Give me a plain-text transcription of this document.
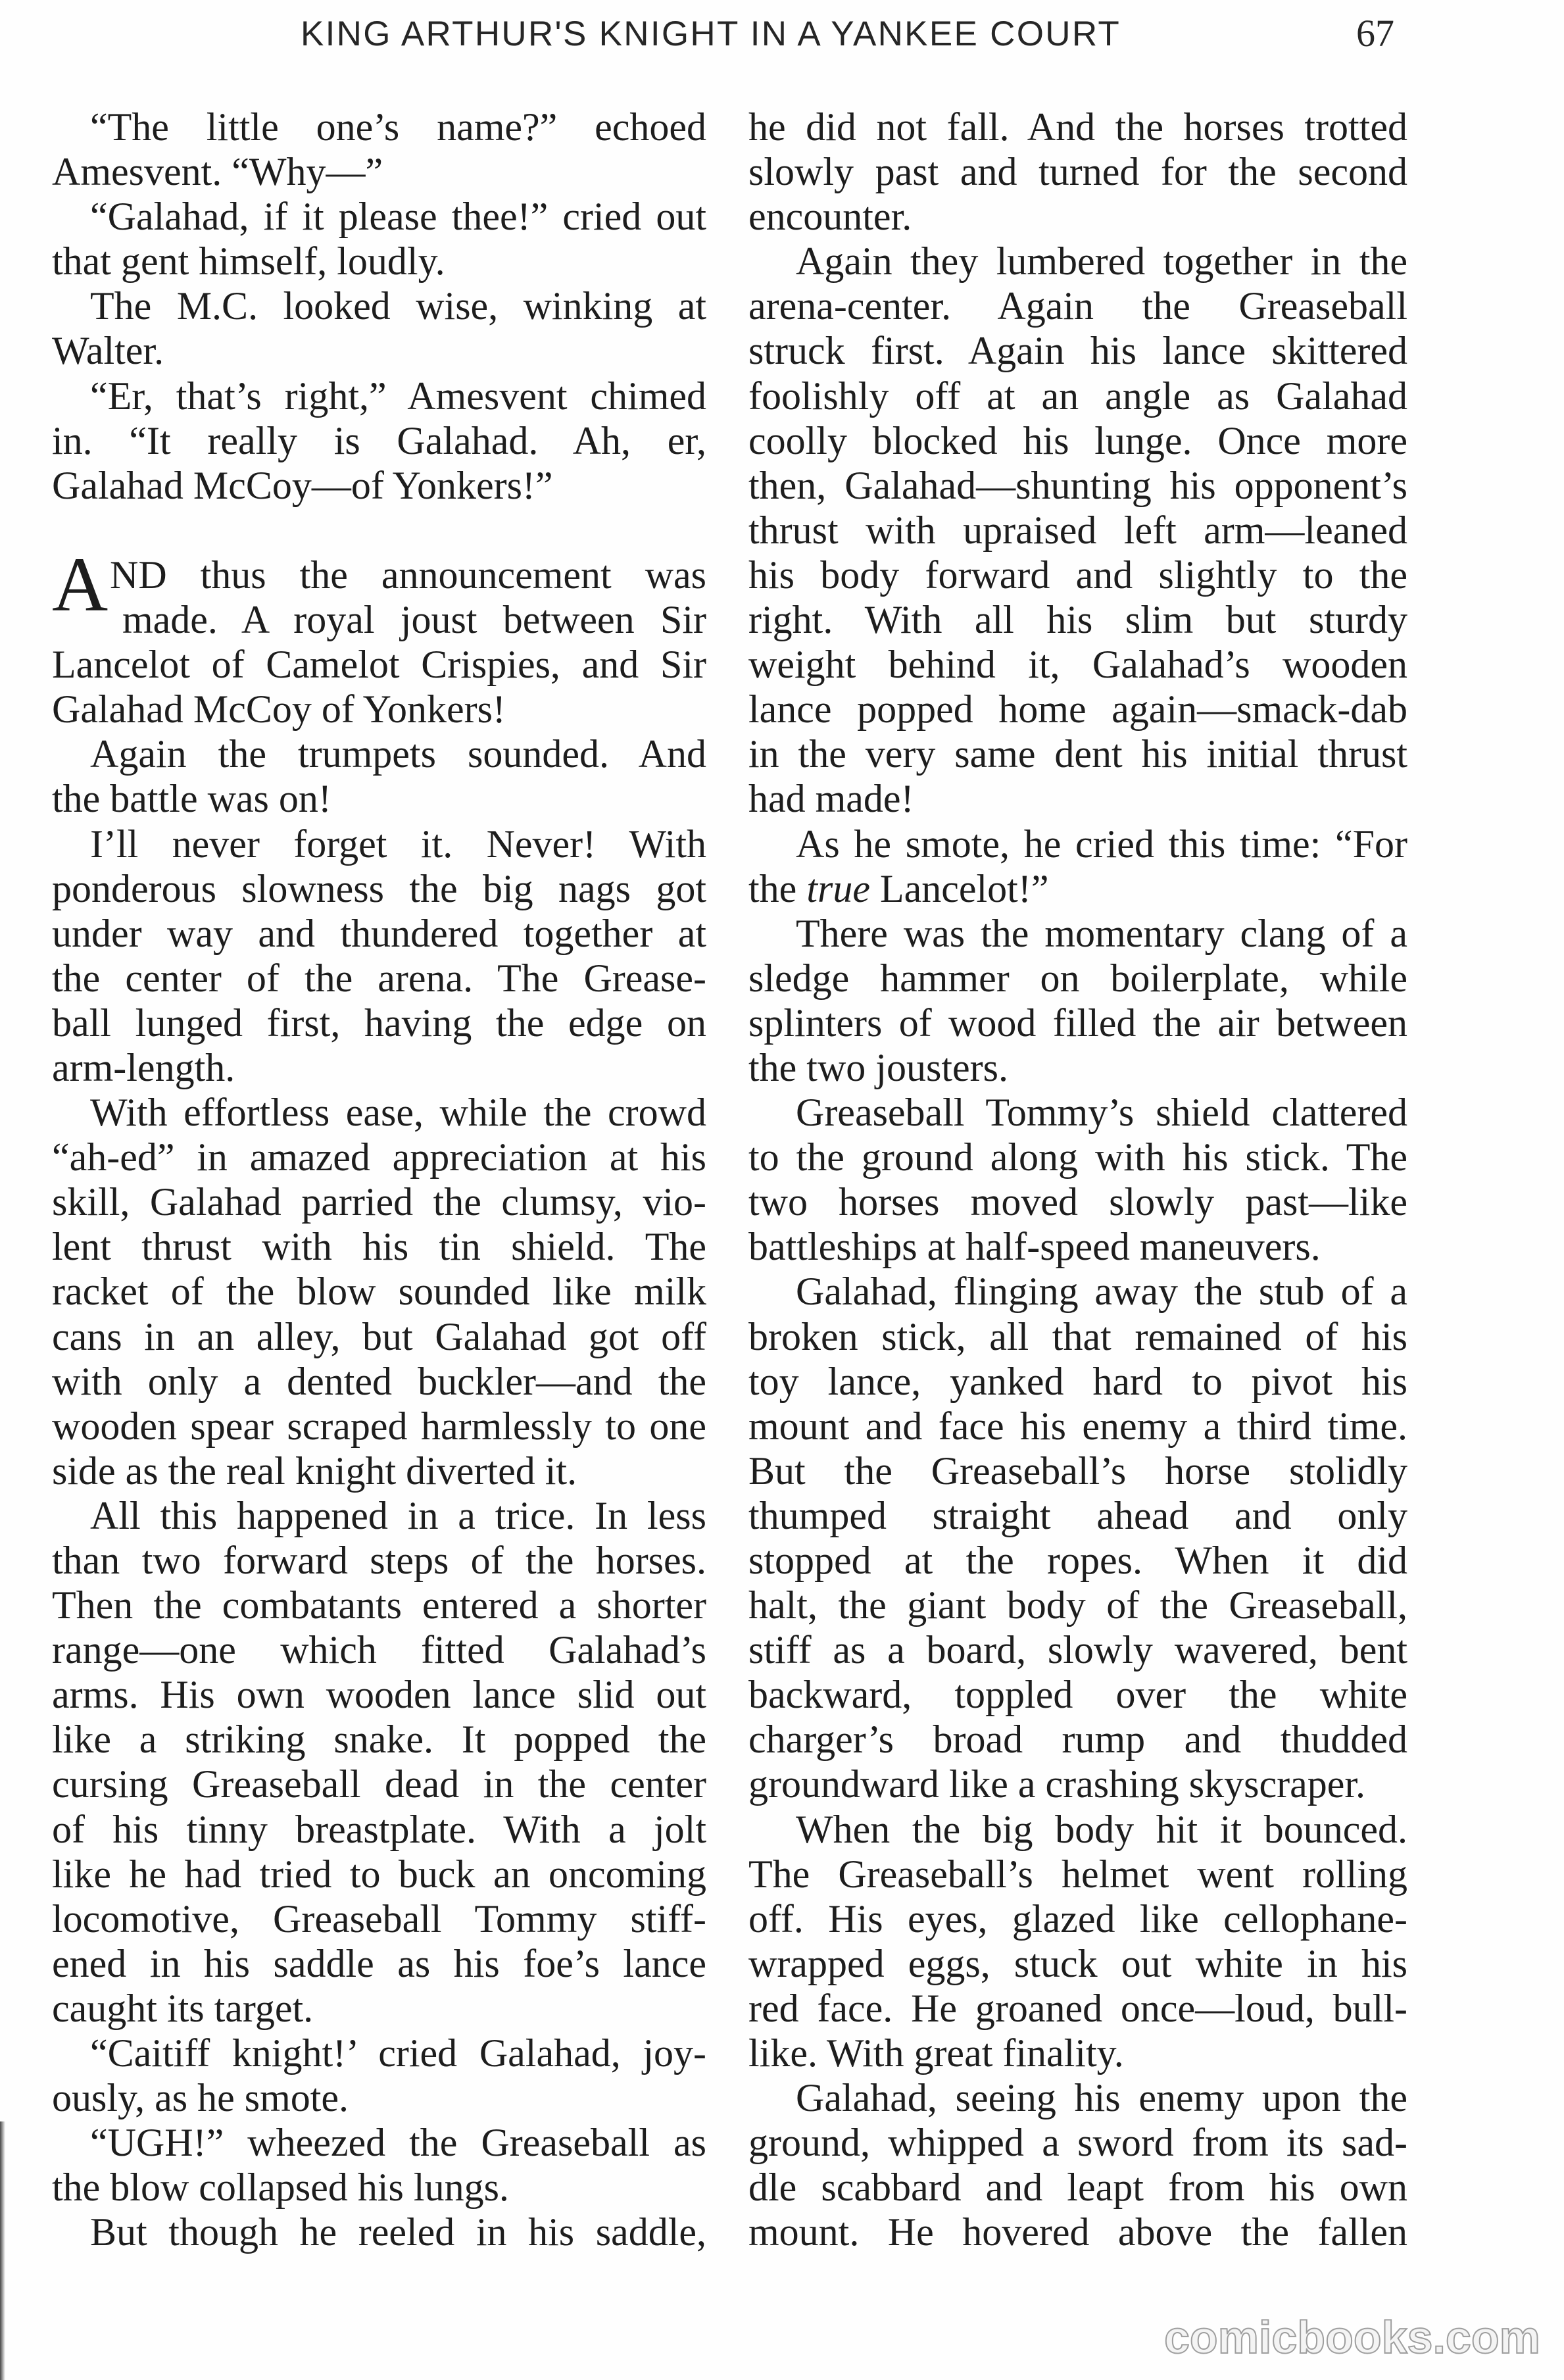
KING ARTHUR'S KNIGHT IN A YANKEE COURT	67
“The little one’s name?” echoed
Amesvent. “Why—”
“Galahad, if it please thee!” cried out
that gent himself, loudly.
The M.C. looked wise, winking at
Walter.
“Er, that’s right,” Amesvent chimed
in. “It really is Galahad. Ah, er,
Galahad McCoy—of Yonkers!”
A ND thus the announcement was
made. A royal joust between Sir
Lancelot of Camelot Crispies, and Sir
Galahad McCoy of Yonkers!
Again the trumpets sounded. And
the battle was on!
I’ll never forget it. Never! With
ponderous slowness the big nags got
under way and thundered together at
the center of the arena. The Grease-
ball lunged first, having the edge on
arm-length.
With effortless ease, while the crowd
“ah-ed” in amazed appreciation at his
skill, Galahad parried the clumsy, vio-
lent thrust with his tin shield. The
racket of the blow sounded like milk
cans in an alley, but Galahad got off
with only a dented buckler—and the
wooden spear scraped harmlessly to one
side as the real knight diverted it.
All this happened in a trice. In less
than two forward steps of the horses.
Then the combatants entered a shorter
range—one which fitted Galahad’s
arms. His own wooden lance slid out
like a striking snake. It popped the
cursing Greaseball dead in the center
of his tinny breastplate. With a jolt
like he had tried to buck an oncoming
locomotive, Greaseball Tommy stiff-
ened in his saddle as his foe’s lance
caught its target.
“Caitiff knight!’ cried Galahad, joy-
ously, as he smote.
“UGH!” wheezed the Greaseball as
the blow collapsed his lungs.
But though he reeled in his saddle,
he did not fall. And the horses trotted
slowly past and turned for the second
encounter.
Again they lumbered together in the
arena-center. Again the Greaseball
struck first. Again his lance skittered
foolishly off at an angle as Galahad
coolly blocked his lunge. Once more
then, Galahad—shunting his opponent’s
thrust with upraised left arm—leaned
his body forward and slightly to the
right. With all his slim but sturdy
weight behind it, Galahad’s wooden
lance popped home again—smack-dab
in the very same dent his initial thrust
had made!
As he smote, he cried this time: “For
the true Lancelot!”
There was the momentary clang of a
sledge hammer on boilerplate, while
splinters of wood filled the air between
the two jousters.
Greaseball Tommy’s shield clattered
to the ground along with his stick. The
two horses moved slowly past—like
battleships at half-speed maneuvers.
Galahad, flinging away the stub of a
broken stick, all that remained of his
toy lance, yanked hard to pivot his
mount and face his enemy a third time.
But the Greaseball’s horse stolidly
thumped straight ahead and only
stopped at the ropes. When it did
halt, the giant body of the Greaseball,
stiff as a board, slowly wavered, bent
backward, toppled over the white
charger’s broad rump and thudded
groundward like a crashing skyscraper.
When the big body hit it bounced.
The Greaseball’s helmet went rolling
off. His eyes, glazed like cellophane-
wrapped eggs, stuck out white in his
red face. He groaned once—loud, bull-
like. With great finality.
Galahad, seeing his enemy upon the
ground, whipped a sword from its sad-
dle scabbard and leapt from his own
mount. He hovered above the fallen
comicbooks.com
